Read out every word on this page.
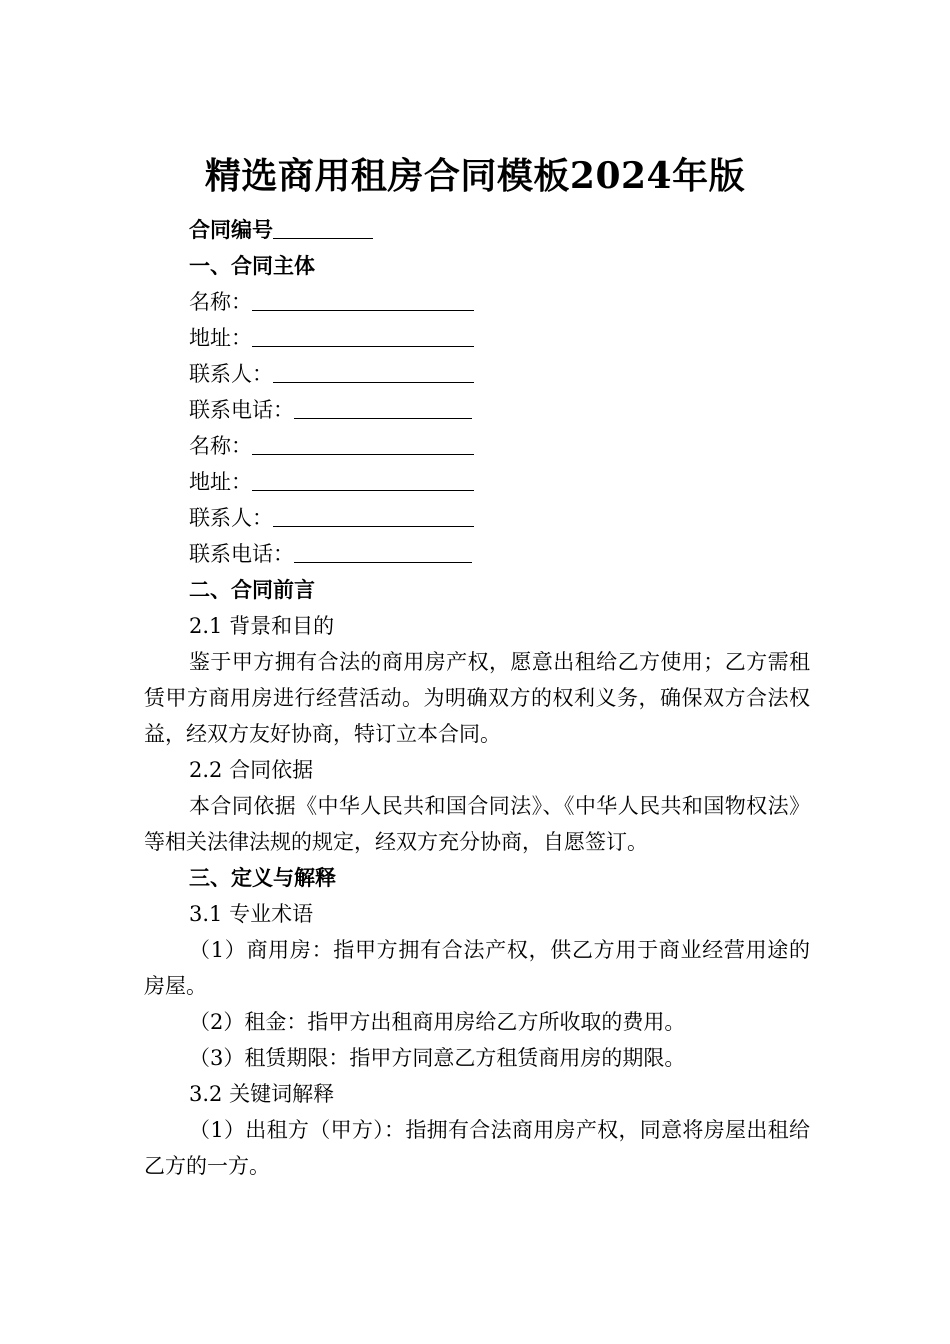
精选商用租房合同模板2024年版

合同编号

一、合同主体

名称：

地址：

联系人：

联系电话：

名称：

地址：

联系人：

联系电话：

二、合同前言

2.1 背景和目的

鉴于甲方拥有合法的商用房产权，愿意出租给乙方使用；乙方需租赁甲方商用房进行经营活动。为明确双方的权利义务，确保双方合法权益，经双方友好协商，特订立本合同。

2.2 合同依据

本合同依据《中华人民共和国合同法》、《中华人民共和国物权法》等相关法律法规的规定，经双方充分协商，自愿签订。

三、定义与解释

3.1 专业术语

（1）商用房：指甲方拥有合法产权，供乙方用于商业经营用途的房屋。

（2）租金：指甲方出租商用房给乙方所收取的费用。

（3）租赁期限：指甲方同意乙方租赁商用房的期限。

3.2 关键词解释

（1）出租方（甲方）：指拥有合法商用房产权，同意将房屋出租给乙方的一方。
